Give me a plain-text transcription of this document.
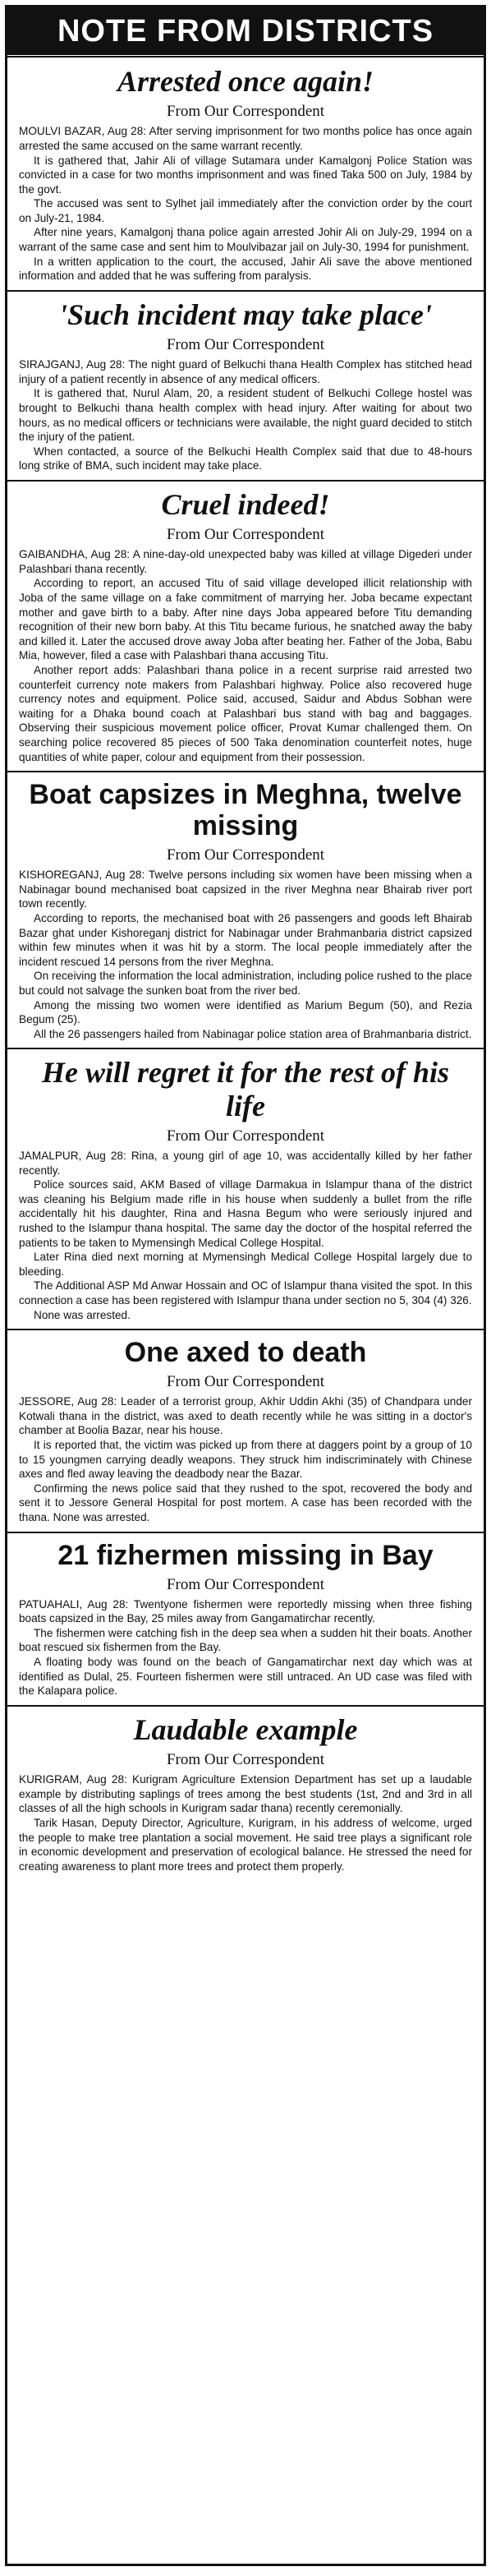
NOTE FROM DISTRICTS
Arrested once again!
From Our Correspondent

MOULVI BAZAR, Aug 28: After serving imprisonment for two months police has once again arrested the same accused on the same warrant recently.

It is gathered that, Jahir Ali of village Sutamara under Kamalgonj Police Station was convicted in a case for two months imprisonment and was fined Taka 500 on July, 1984 by the govt.

The accused was sent to Sylhet jail immediately after the conviction order by the court on July-21, 1984.

After nine years, Kamalgonj thana police again arrested Johir Ali on July-29, 1994 on a warrant of the same case and sent him to Moulvibazar jail on July-30, 1994 for punishment.

In a written application to the court, the accused, Jahir Ali save the above mentioned information and added that he was suffering from paralysis.

'Such incident may take place'
From Our Correspondent

SIRAJGANJ, Aug 28: The night guard of Belkuchi thana Health Complex has stitched head injury of a patient recently in absence of any medical officers.

It is gathered that, Nurul Alam, 20, a resident student of Belkuchi College hostel was brought to Belkuchi thana health complex with head injury. After waiting for about two hours, as no medical officers or technicians were available, the night guard decided to stitch the injury of the patient.

When contacted, a source of the Belkuchi Health Complex said that due to 48-hours long strike of BMA, such incident may take place.

Cruel indeed!
From Our Correspondent

GAIBANDHA, Aug 28: A nine-day-old unexpected baby was killed at village Digederi under Palashbari thana recently.

According to report, an accused Titu of said village developed illicit relationship with Joba of the same village on a fake commitment of marrying her. Joba became expectant mother and gave birth to a baby. After nine days Joba appeared before Titu demanding recognition of their new born baby. At this Titu became furious, he snatched away the baby and killed it. Later the accused drove away Joba after beating her. Father of the Joba, Babu Mia, however, filed a case with Palashbari thana accusing Titu.

Another report adds: Palashbari thana police in a recent surprise raid arrested two counterfeit currency note makers from Palashbari highway. Police also recovered huge currency notes and equipment. Police said, accused, Saidur and Abdus Sobhan were waiting for a Dhaka bound coach at Palashbari bus stand with bag and baggages. Observing their suspicious movement police officer, Provat Kumar challenged them. On searching police recovered 85 pieces of 500 Taka denomination counterfeit notes, huge quantities of white paper, colour and equipment from their possession.

Boat capsizes in Meghna, twelve missing
From Our Correspondent

KISHOREGANJ, Aug 28: Twelve persons including six women have been missing when a Nabinagar bound mechanised boat capsized in the river Meghna near Bhairab river port town recently.

According to reports, the mechanised boat with 26 passengers and goods left Bhairab Bazar ghat under Kishoreganj district for Nabinagar under Brahmanbaria district capsized within few minutes when it was hit by a storm. The local people immediately after the incident rescued 14 persons from the river Meghna.

On receiving the information the local administration, including police rushed to the place but could not salvage the sunken boat from the river bed.

Among the missing two women were identified as Marium Begum (50), and Rezia Begum (25).

All the 26 passengers hailed from Nabinagar police station area of Brahmanbaria district.

He will regret it for the rest of his life
From Our Correspondent

JAMALPUR, Aug 28: Rina, a young girl of age 10, was accidentally killed by her father recently.

Police sources said, AKM Based of village Darmakua in Islampur thana of the district was cleaning his Belgium made rifle in his house when suddenly a bullet from the rifle accidentally hit his daughter, Rina and Hasna Begum who were seriously injured and rushed to the Islampur thana hospital. The same day the doctor of the hospital referred the patients to be taken to Mymensingh Medical College Hospital.

Later Rina died next morning at Mymensingh Medical College Hospital largely due to bleeding.

The Additional ASP Md Anwar Hossain and OC of Islampur thana visited the spot. In this connection a case has been registered with Islampur thana under section no 5, 304 (4) 326.

None was arrested.

One axed to death
From Our Correspondent

JESSORE, Aug 28: Leader of a terrorist group, Akhir Uddin Akhi (35) of Chandpara under Kotwali thana in the district, was axed to death recently while he was sitting in a doctor's chamber at Boolia Bazar, near his house.

It is reported that, the victim was picked up from there at daggers point by a group of 10 to 15 youngmen carrying deadly weapons. They struck him indiscriminately with Chinese axes and fled away leaving the deadbody near the Bazar.

Confirming the news police said that they rushed to the spot, recovered the body and sent it to Jessore General Hospital for post mortem. A case has been recorded with the thana. None was arrested.

21 fizhermen missing in Bay
From Our Correspondent

PATUAHALI, Aug 28: Twentyone fishermen were reportedly missing when three fishing boats capsized in the Bay, 25 miles away from Gangamatirchar recently.

The fishermen were catching fish in the deep sea when a sudden hit their boats. Another boat rescued six fishermen from the Bay.

A floating body was found on the beach of Gangamatirchar next day which was at identified as Dulal, 25. Fourteen fishermen were still untraced. An UD case was filed with the Kalapara police.

Laudable example
From Our Correspondent

KURIGRAM, Aug 28: Kurigram Agriculture Extension Department has set up a laudable example by distributing saplings of trees among the best students (1st, 2nd and 3rd in all classes of all the high schools in Kurigram sadar thana) recently ceremonially.

Tarik Hasan, Deputy Director, Agriculture, Kurigram, in his address of welcome, urged the people to make tree plantation a social movement. He said tree plays a significant role in economic development and preservation of ecological balance. He stressed the need for creating awareness to plant more trees and protect them properly.
